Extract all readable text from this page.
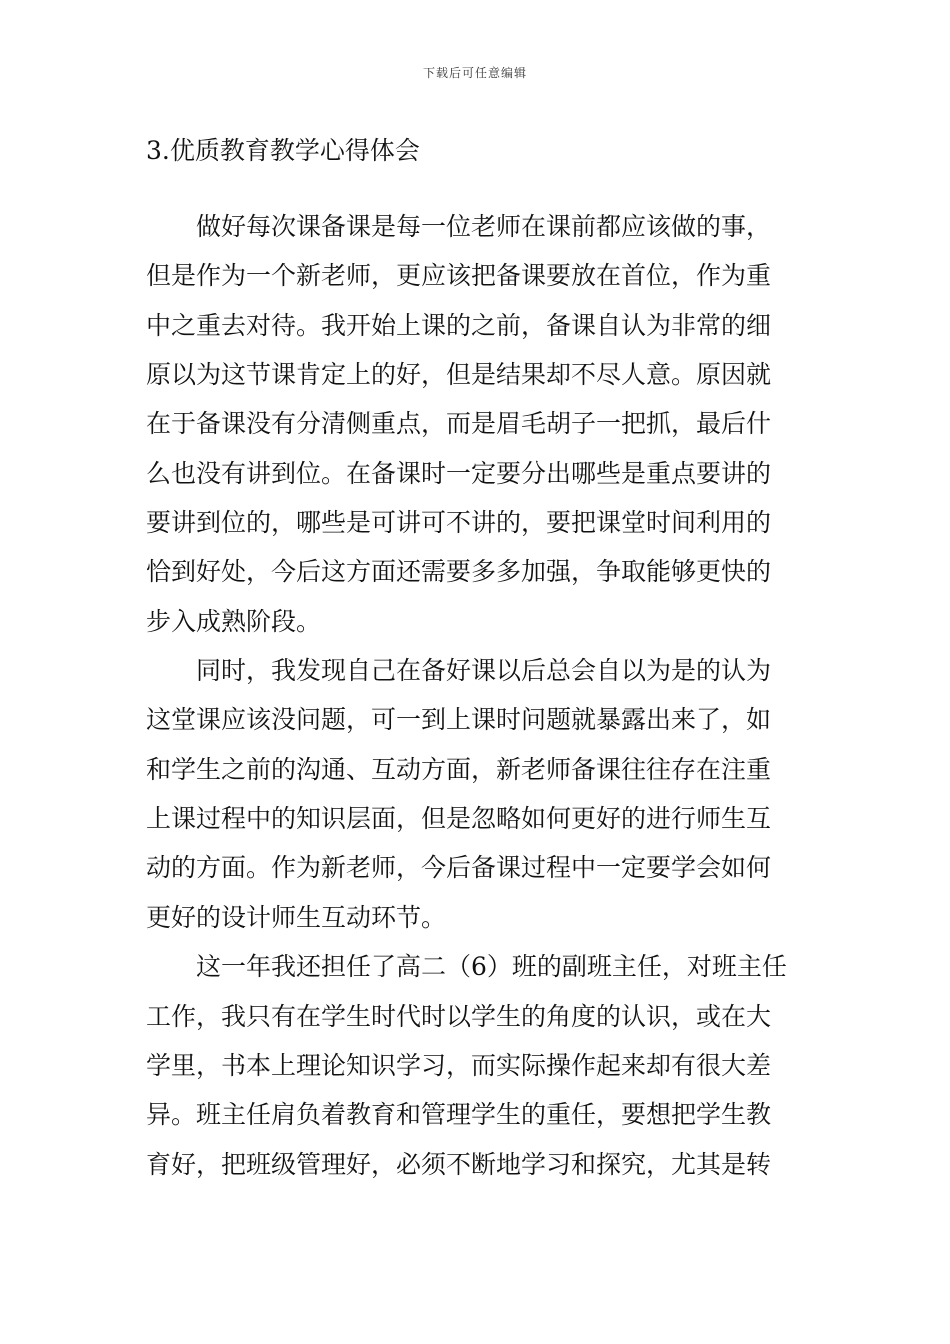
下载后可任意编辑
3.优质教育教学心得体会
做好每次课备课是每一位老师在课前都应该做的事，
但是作为一个新老师，更应该把备课要放在首位，作为重
中之重去对待。我开始上课的之前，备课自认为非常的细
原以为这节课肯定上的好，但是结果却不尽人意。原因就
在于备课没有分清侧重点，而是眉毛胡子一把抓，最后什
么也没有讲到位。在备课时一定要分出哪些是重点要讲的
要讲到位的，哪些是可讲可不讲的，要把课堂时间利用的
恰到好处，今后这方面还需要多多加强，争取能够更快的
步入成熟阶段。
同时，我发现自己在备好课以后总会自以为是的认为
这堂课应该没问题，可一到上课时问题就暴露出来了，如
和学生之前的沟通、互动方面，新老师备课往往存在注重
上课过程中的知识层面，但是忽略如何更好的进行师生互
动的方面。作为新老师，今后备课过程中一定要学会如何
更好的设计师生互动环节。
这一年我还担任了高二（6）班的副班主任，对班主任
工作，我只有在学生时代时以学生的角度的认识，或在大
学里，书本上理论知识学习，而实际操作起来却有很大差
异。班主任肩负着教育和管理学生的重任，要想把学生教
育好，把班级管理好，必须不断地学习和探究，尤其是转
